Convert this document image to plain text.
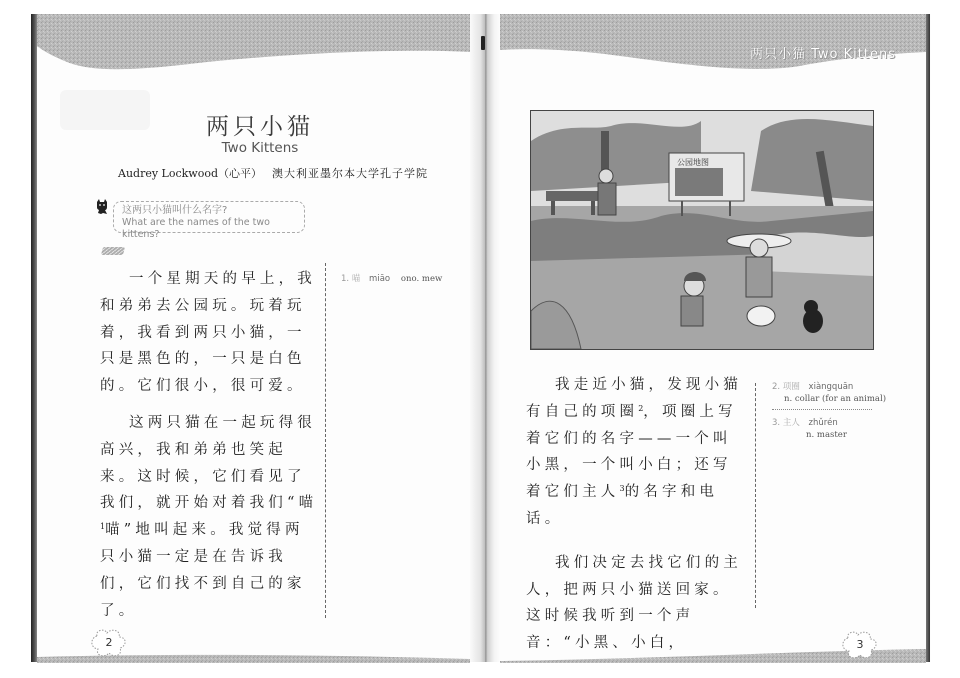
两只小猫 Two Kittens
两只小猫
Two Kittens
Audrey Lockwood（心平） 澳大利亚墨尔本大学孔子学院
这两只小猫叫什么名字?
What are the names of the two kittens?

一个星期天的早上，我和弟弟去公园玩。玩着玩着，我看到两只小猫，一只是黑色的，一只是白色的。它们很小，很可爱。

这两只猫在一起玩得很高兴，我和弟弟也笑起来。这时候，它们看见了我们，就开始对着我们“喵$^1$喵”地叫起来。我觉得两只小猫一定是在告诉我们，它们找不到自己的家了。

1. 喵 miāo ono. mew
2
公园地图

我走近小猫，发现小猫有自己的项圈$^2$，项圈上写着它们的名字——一个叫小黑，一个叫小白；还写着它们主人$^3$的名字和电话。

我们决定去找它们的主人，把两只小猫送回家。这时候我听到一个声音：“小黑、小白，

2. 项圈 xiàngquān
n. collar (for an animal)
3. 主人 zhǔrén
n. master
3
